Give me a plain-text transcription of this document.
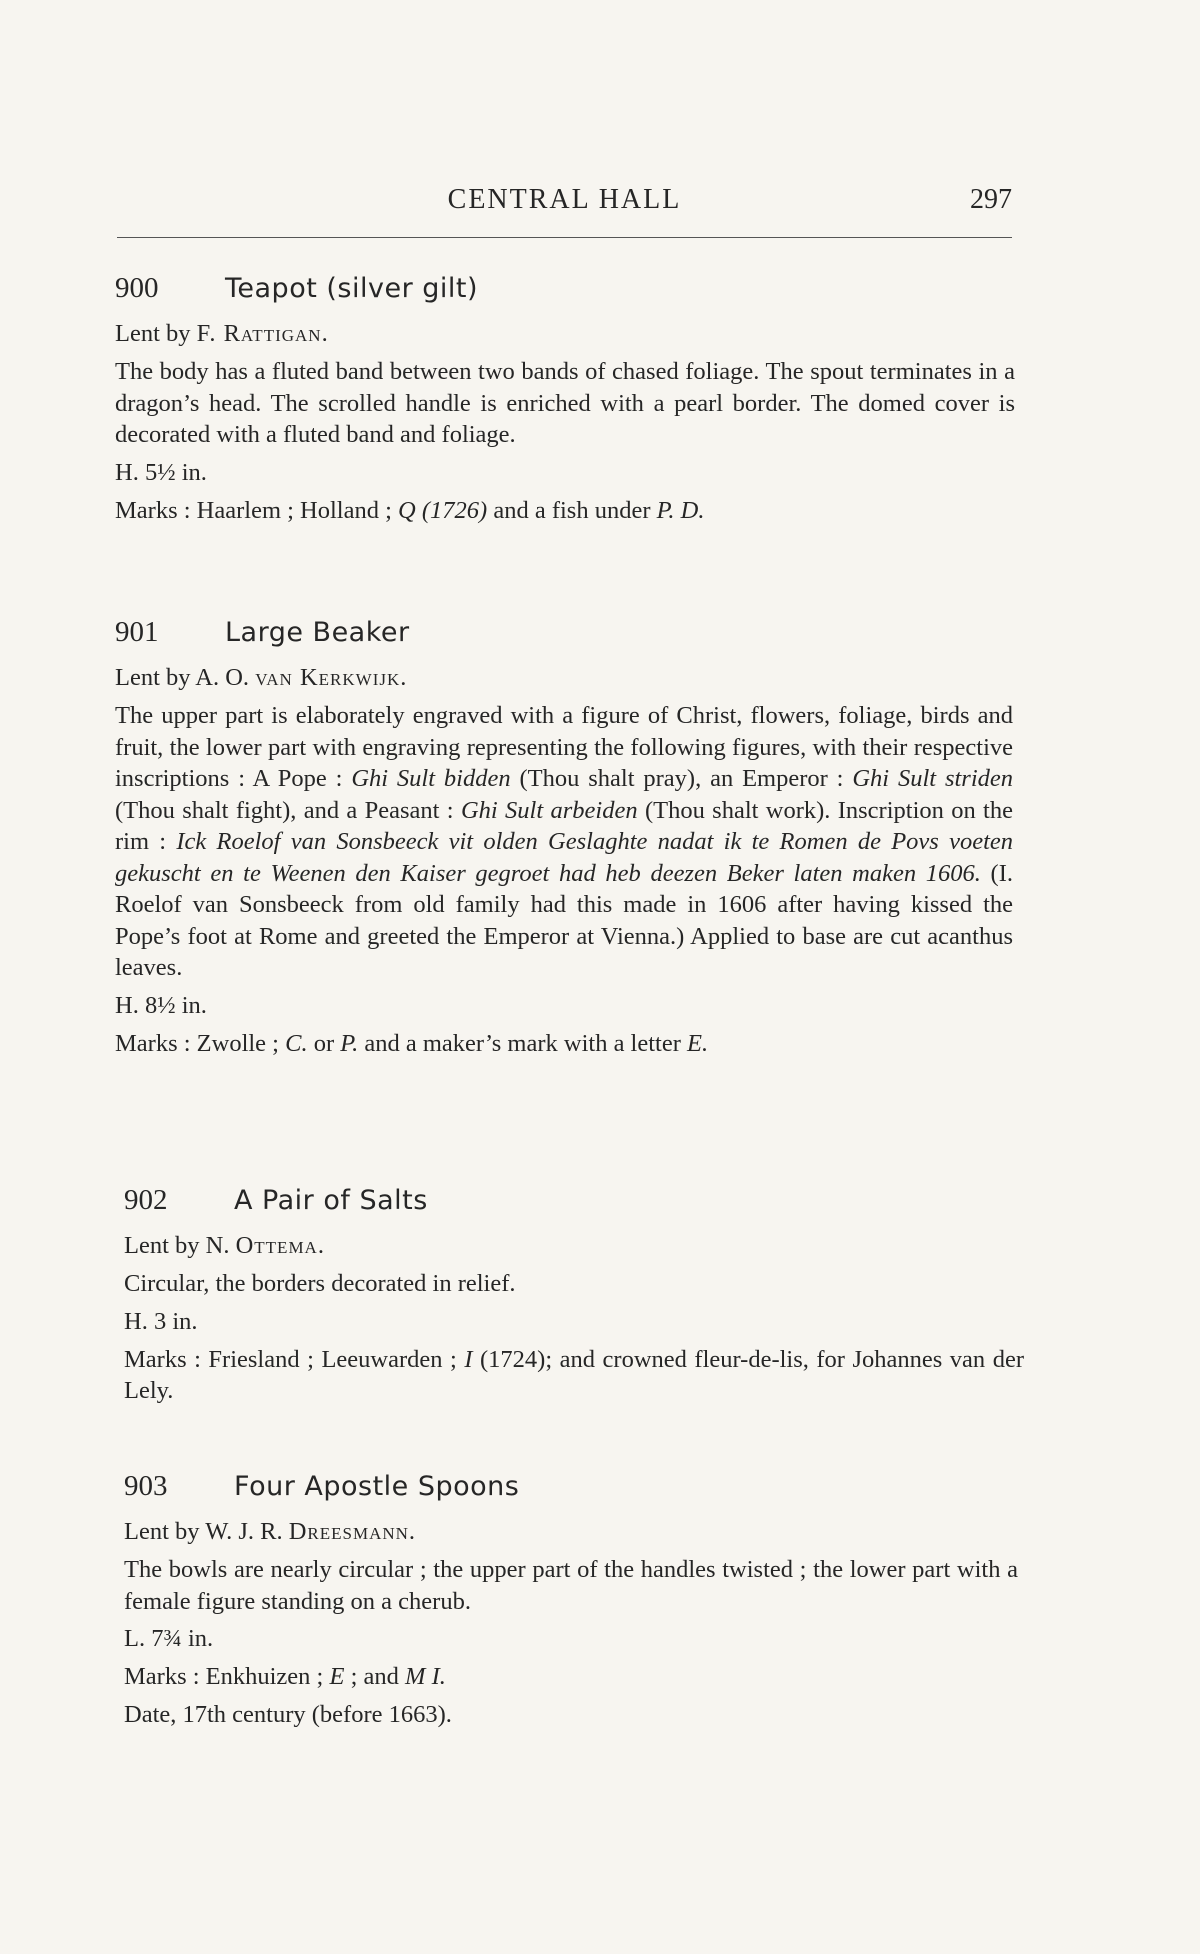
CENTRAL HALL	297
900 Teapot (silver gilt)
Lent by F. Rattigan.
The body has a fluted band between two bands of chased foliage. The spout terminates in a dragon’s head. The scrolled handle is enriched with a pearl border. The domed cover is decorated with a fluted band and foliage.
H. 5½ in.
Marks : Haarlem ; Holland ; Q (1726) and a fish under P. D.
901 Large Beaker
Lent by A. O. van Kerkwijk.
The upper part is elaborately engraved with a figure of Christ, flowers, foliage, birds and fruit, the lower part with engraving representing the following figures, with their respective inscriptions : A Pope : Ghi Sult bidden (Thou shalt pray), an Emperor : Ghi Sult striden (Thou shalt fight), and a Peasant : Ghi Sult arbeiden (Thou shalt work). Inscription on the rim : Ick Roelof van Sonsbeeck vit olden Geslaghte nadat ik te Romen de Povs voeten gekuscht en te Weenen den Kaiser gegroet had heb deezen Beker laten maken 1606. (I. Roelof van Sonsbeeck from old family had this made in 1606 after having kissed the Pope’s foot at Rome and greeted the Emperor at Vienna.) Applied to base are cut acanthus leaves.
H. 8½ in.
Marks : Zwolle ; C. or P. and a maker’s mark with a letter E.
902 A Pair of Salts
Lent by N. Ottema.
Circular, the borders decorated in relief.
H. 3 in.
Marks : Friesland ; Leeuwarden ; I (1724); and crowned fleur-de-lis, for Johannes van der Lely.
903 Four Apostle Spoons
Lent by W. J. R. Dreesmann.
The bowls are nearly circular ; the upper part of the handles twisted ; the lower part with a female figure standing on a cherub.
L. 7¾ in.
Marks : Enkhuizen ; E ; and M I.
Date, 17th century (before 1663).
